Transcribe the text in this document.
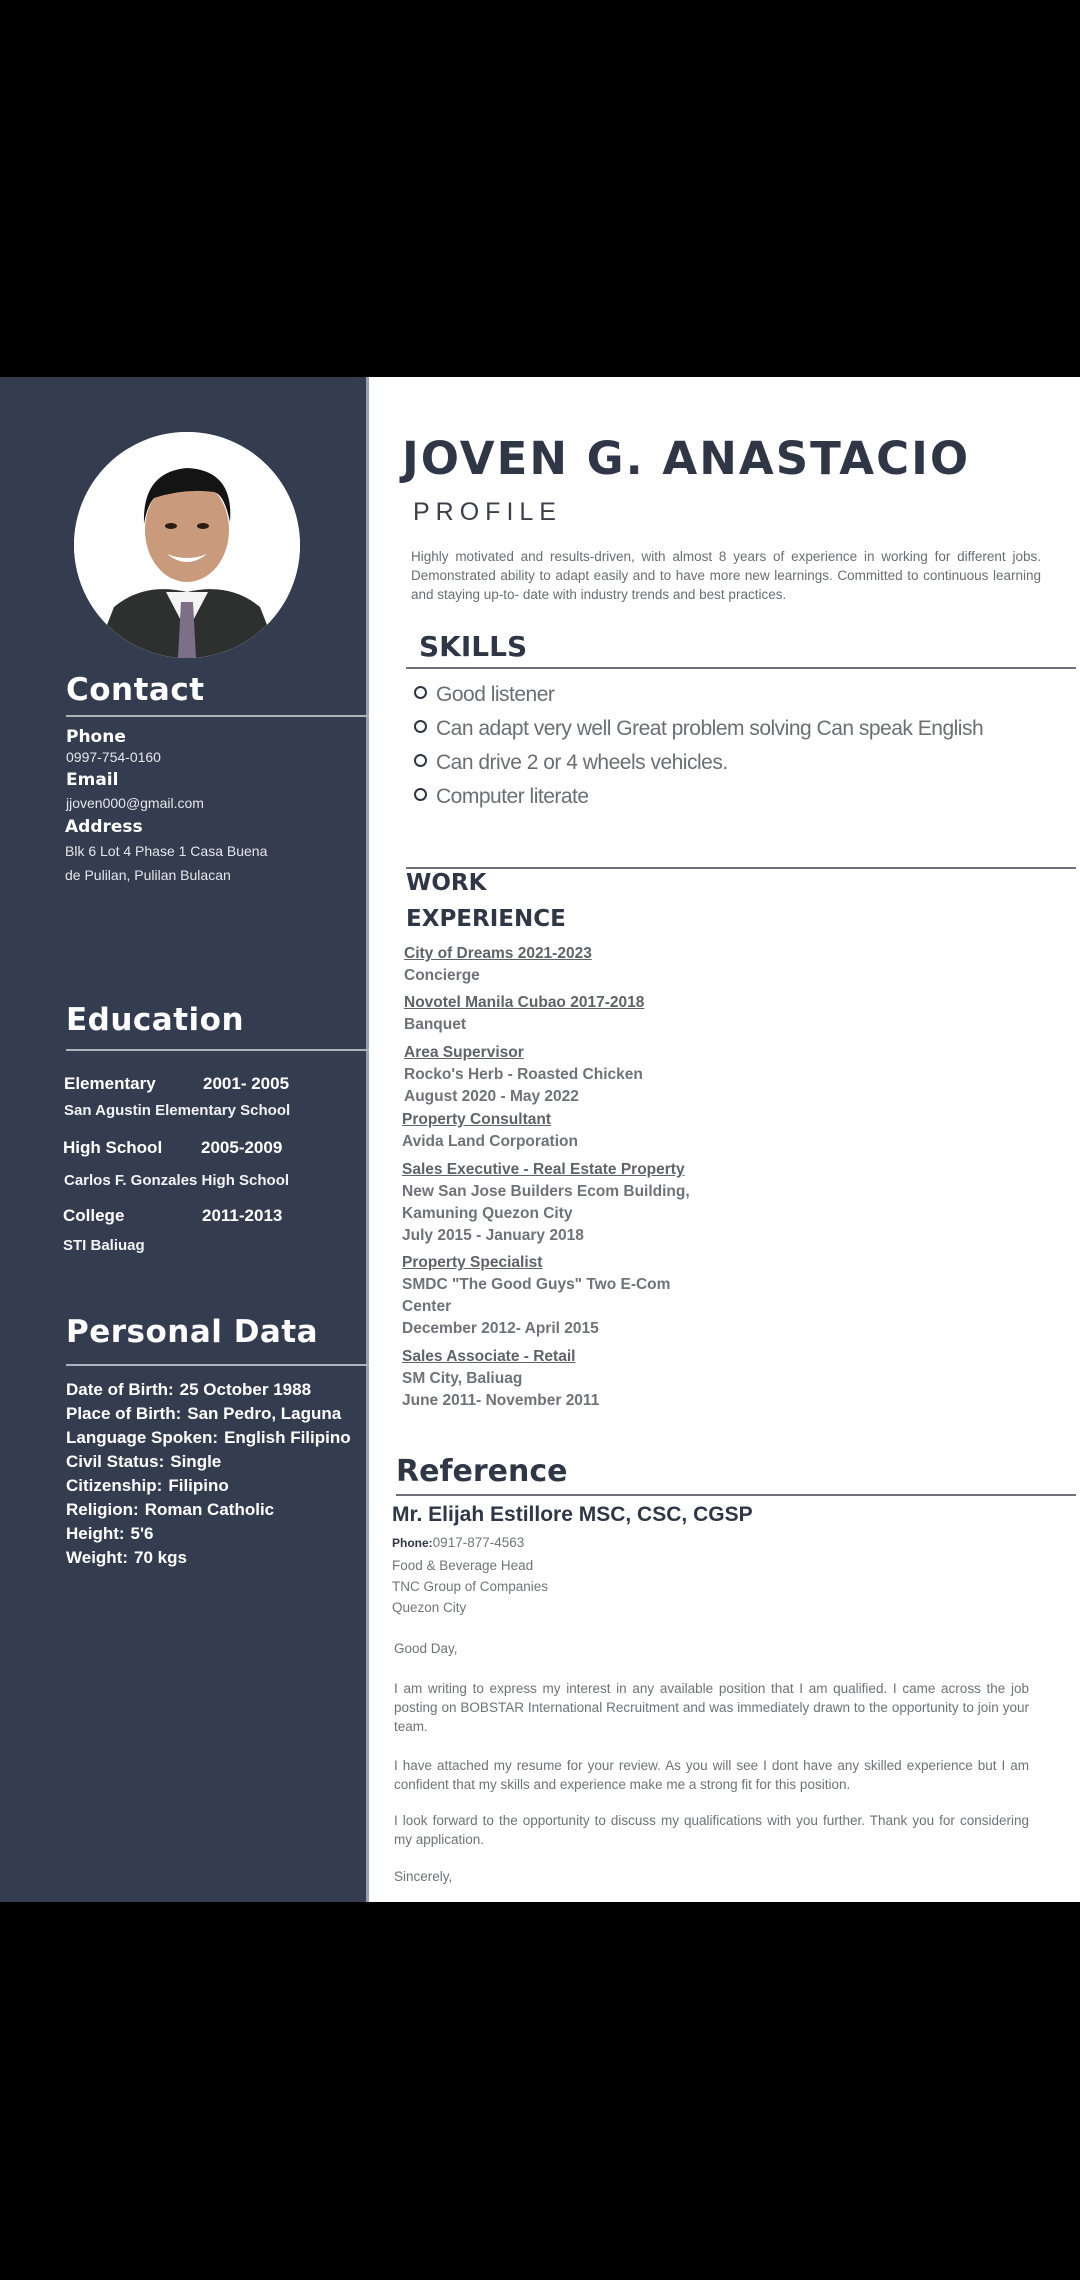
Contact
Phone
0997-754-0160
Email
jjoven000@gmail.com
Address
Blk 6 Lot 4 Phase 1 Casa Buena
de Pulilan, Pulilan Bulacan
Education
Elementary	2001- 2005
San Agustin Elementary School
High School 2005-2009
Carlos F. Gonzales High School
College	2011-2013
STI Baliuag
Personal Data
Date of Birth: 25 October 1988
Place of Birth: San Pedro, Laguna
Language Spoken: English Filipino
Civil Status: Single
Citizenship: Filipino
Religion: Roman Catholic
Height: 5'6
Weight: 70 kgs
JOVEN G. ANASTACIO
PROFILE
Highly motivated and results-driven, with almost 8 years of experience in working for different jobs. Demonstrated ability to adapt easily and to have more new learnings. Committed to continuous learning and staying up-to- date with industry trends and best practices.
SKILLS
Good listener
Can adapt very well Great problem solving Can speak English
Can drive 2 or 4 wheels vehicles.
Computer literate
WORK
EXPERIENCE
City of Dreams 2021-2023
Concierge
Novotel Manila Cubao 2017-2018
Banquet
Area Supervisor
Rocko's Herb - Roasted Chicken
August 2020 - May 2022
Property Consultant
Avida Land Corporation
Sales Executive - Real Estate Property
New San Jose Builders Ecom Building,
Kamuning Quezon City
July 2015 - January 2018
Property Specialist
SMDC "The Good Guys" Two E-Com
Center
December 2012- April 2015
Sales Associate - Retail
SM City, Baliuag
June 2011- November 2011
Reference
Mr. Elijah Estillore MSC, CSC, CGSP
Phone:0917-877-4563
Food & Beverage Head
TNC Group of Companies
Quezon City
Good Day,
I am writing to express my interest in any available position that I am qualified. I came across the job posting on BOBSTAR International Recruitment and was immediately drawn to the opportunity to join your team.
I have attached my resume for your review. As you will see I dont have any skilled experience but I am confident that my skills and experience make me a strong fit for this position.
I look forward to the opportunity to discuss my qualifications with you further. Thank you for considering my application.
Sincerely,
